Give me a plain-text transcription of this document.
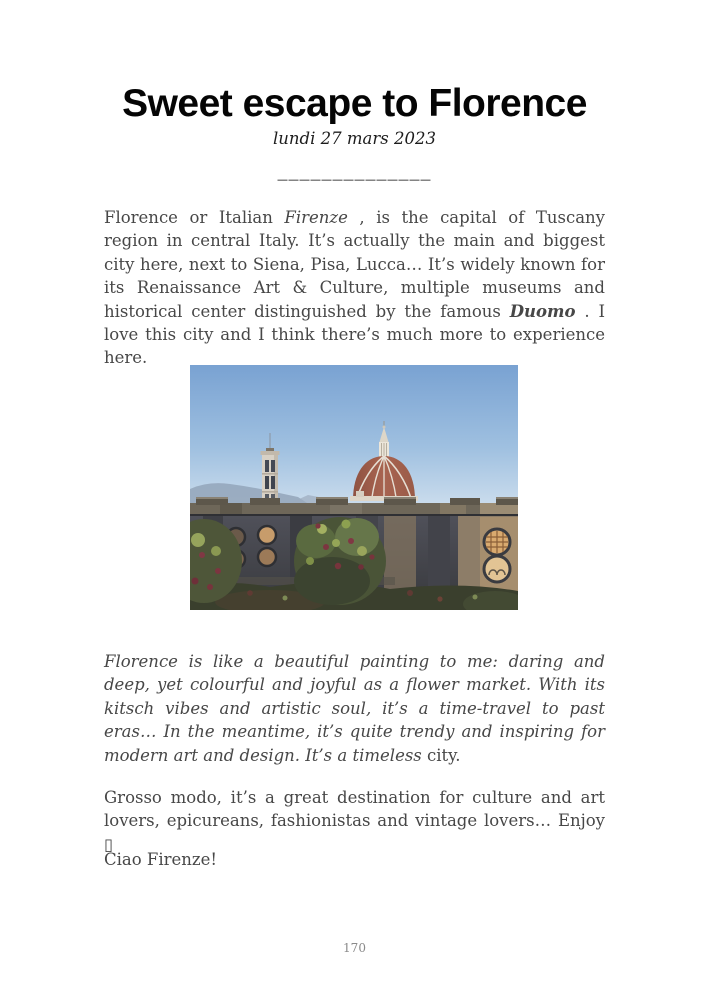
Sweet escape to Florence
lundi 27 mars 2023
______________

Florence or Italian Firenze , is the capital of Tuscany region in central Italy. It’s actually the main and biggest city here, next to Siena, Pisa, Lucca… It’s widely known for its Renaissance Art & Culture, multiple museums and historical center distinguished by the famous Duomo . I love this city and I think there’s much more to experience here.

Florence is like a beautiful painting to me: daring and deep, yet colourful and joyful as a flower market. With its kitsch vibes and artistic soul, it’s a time-travel to past eras… In the meantime, it’s quite trendy and inspiring for modern art and design. It’s a timeless city.

Grosso modo, it’s a great destination for culture and art lovers, epicureans, fashionistas and vintage lovers… Enjoy ▯

Ciao Firenze!

170
